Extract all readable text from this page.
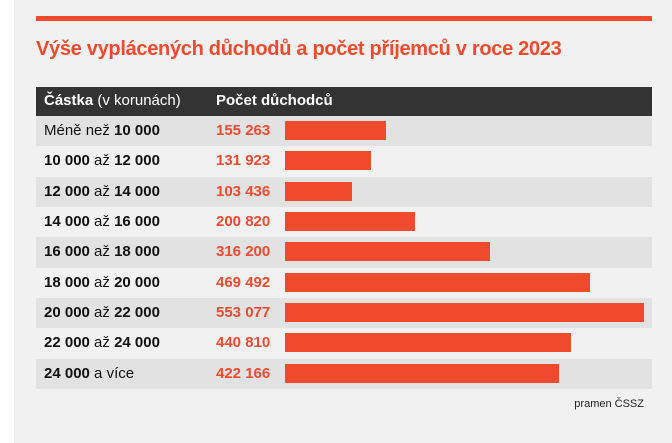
Výše vyplácených důchodů a počet příjemců v roce 2023
Částka (v korunách) Počet důchodců
Méně než 10 000	155 263
10 000 až 12 000	131 923
12 000 až 14 000	103 436
14 000 až 16 000	200 820
16 000 až 18 000	316 200
18 000 až 20 000	469 492
20 000 až 22 000	553 077
22 000 až 24 000	440 810
24 000 a více	422 166
pramen ČSSZ
